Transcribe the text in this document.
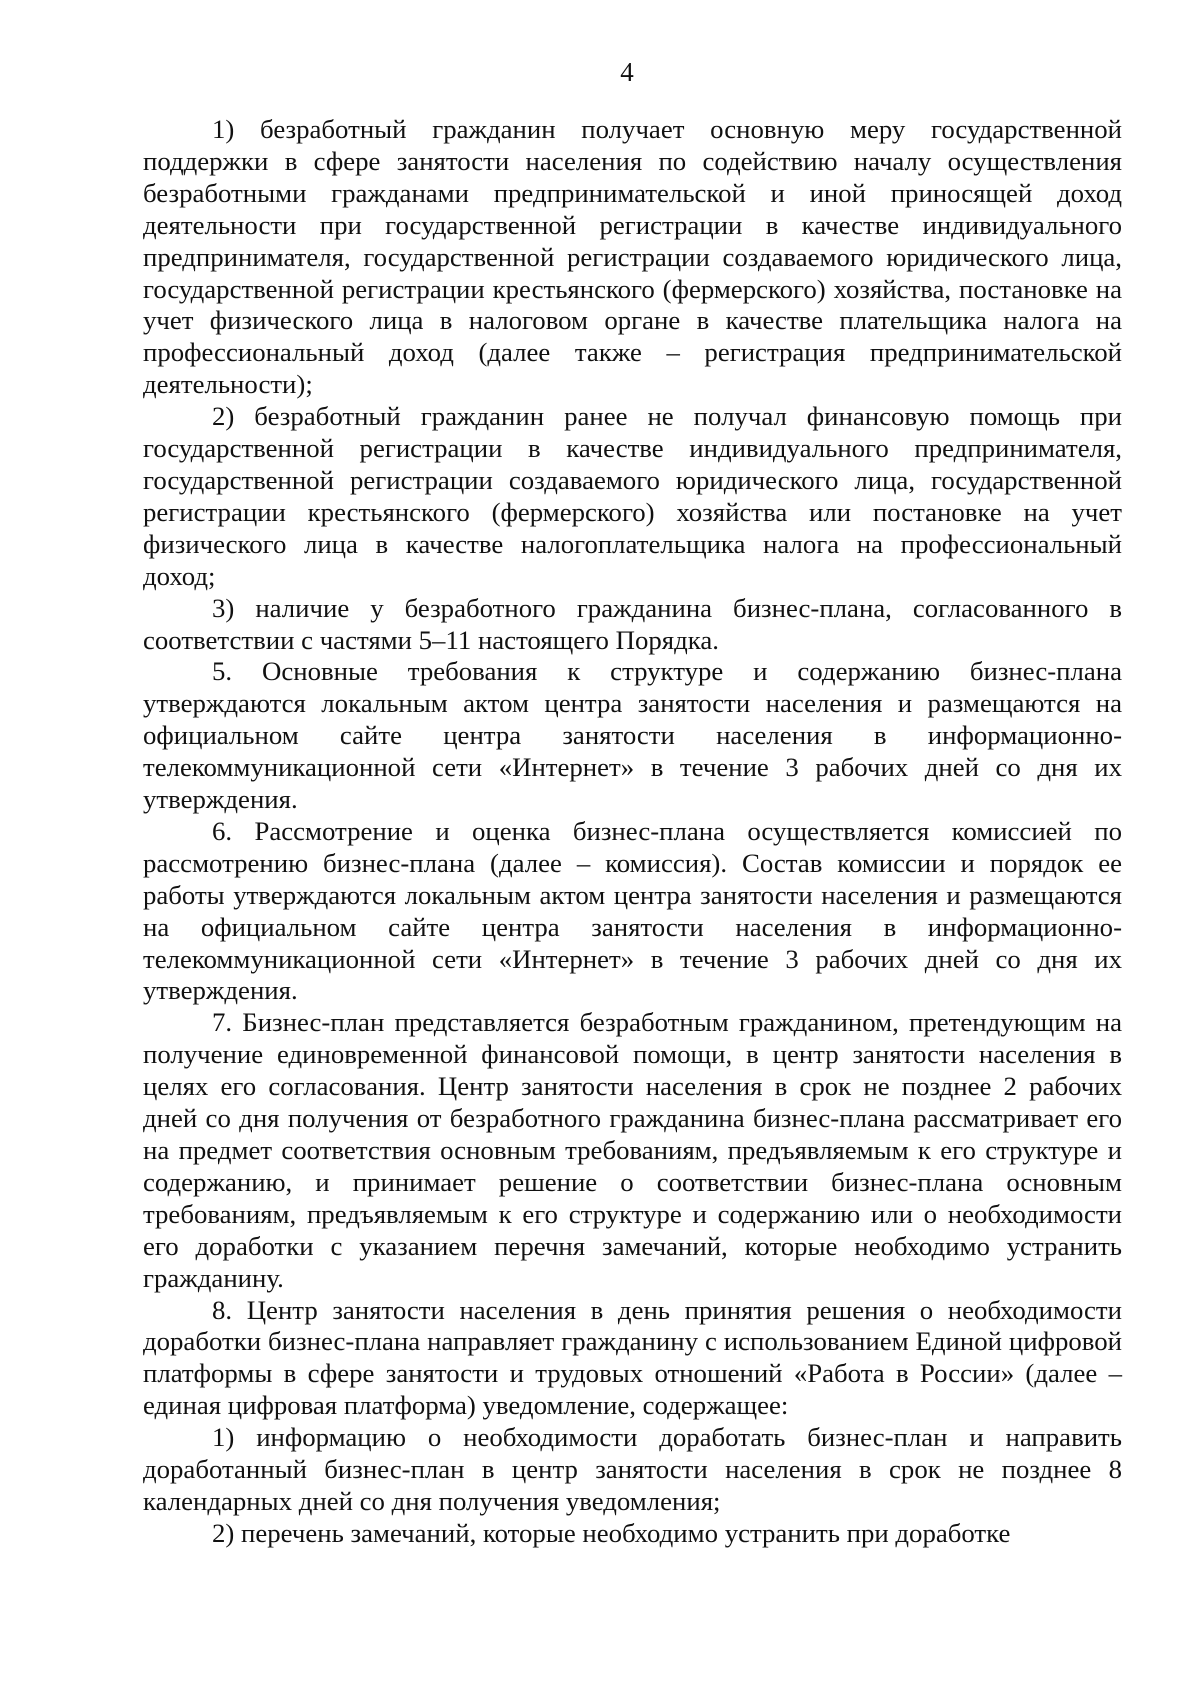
4

1) безработный гражданин получает основную меру государственной поддержки в сфере занятости населения по содействию началу осуществления безработными гражданами предпринимательской и иной приносящей доход деятельности при государственной регистрации в качестве индивидуального предпринимателя, государственной регистрации создаваемого юридического лица, государственной регистрации крестьянского (фермерского) хозяйства, постановке на учет физического лица в налоговом органе в качестве плательщика налога на профессиональный доход (далее также – регистрация предпринимательской деятельности);

2) безработный гражданин ранее не получал финансовую помощь при государственной регистрации в качестве индивидуального предпринимателя, государственной регистрации создаваемого юридического лица, государственной регистрации крестьянского (фермерского) хозяйства или постановке на учет физического лица в качестве налогоплательщика налога на профессиональный доход;

3) наличие у безработного гражданина бизнес-плана, согласованного в соответствии с частями 5–11 настоящего Порядка.

5. Основные требования к структуре и содержанию бизнес-плана утверждаются локальным актом центра занятости населения и размещаются на официальном сайте центра занятости населения в информационно-телекоммуникационной сети «Интернет» в течение 3 рабочих дней со дня их утверждения.

6. Рассмотрение и оценка бизнес-плана осуществляется комиссией по рассмотрению бизнес-плана (далее – комиссия). Состав комиссии и порядок ее работы утверждаются локальным актом центра занятости населения и размещаются на официальном сайте центра занятости населения в информационно-телекоммуникационной сети «Интернет» в течение 3 рабочих дней со дня их утверждения.

7. Бизнес-план представляется безработным гражданином, претендующим на получение единовременной финансовой помощи, в центр занятости населения в целях его согласования. Центр занятости населения в срок не позднее 2 рабочих дней со дня получения от безработного гражданина бизнес-плана рассматривает его на предмет соответствия основным требованиям, предъявляемым к его структуре и содержанию, и принимает решение о соответствии бизнес-плана основным требованиям, предъявляемым к его структуре и содержанию или о необходимости его доработки с указанием перечня замечаний, которые необходимо устранить гражданину.

8. Центр занятости населения в день принятия решения о необходимости доработки бизнес-плана направляет гражданину с использованием Единой цифровой платформы в сфере занятости и трудовых отношений «Работа в России» (далее – единая цифровая платформа) уведомление, содержащее:

1) информацию о необходимости доработать бизнес-план и направить доработанный бизнес-план в центр занятости населения в срок не позднее 8 календарных дней со дня получения уведомления;

2) перечень замечаний, которые необходимо устранить при доработке
